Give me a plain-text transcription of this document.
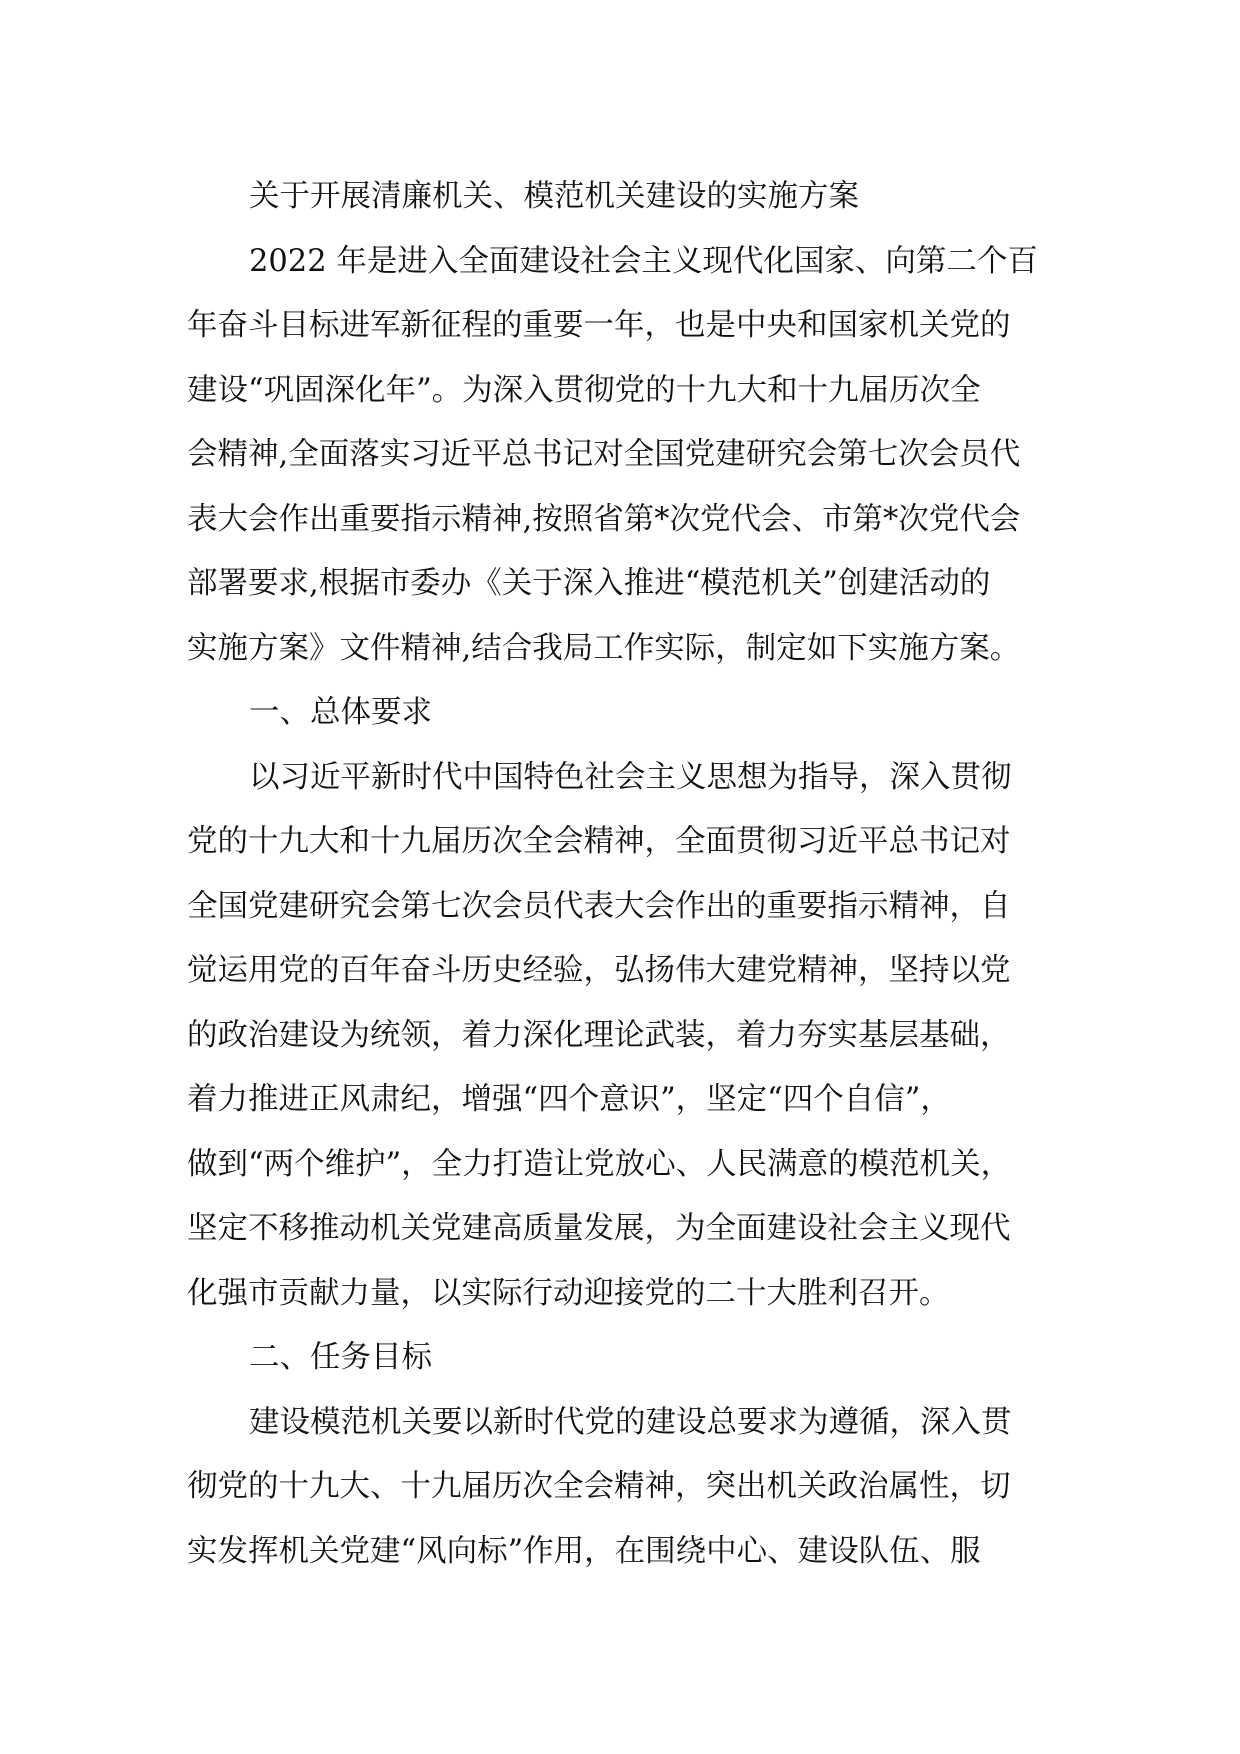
关于开展清廉机关、模范机关建设的实施方案
2022 年是进入全面建设社会主义现代化国家、向第二个百
年奋斗目标进军新征程的重要一年，也是中央和国家机关党的
建设“巩固深化年”。为深入贯彻党的十九大和十九届历次全
会精神,全面落实习近平总书记对全国党建研究会第七次会员代
表大会作出重要指示精神,按照省第*次党代会、市第*次党代会
部署要求,根据市委办《关于深入推进“模范机关”创建活动的
实施方案》文件精神,结合我局工作实际，制定如下实施方案。
一、总体要求
以习近平新时代中国特色社会主义思想为指导，深入贯彻
党的十九大和十九届历次全会精神，全面贯彻习近平总书记对
全国党建研究会第七次会员代表大会作出的重要指示精神，自
觉运用党的百年奋斗历史经验，弘扬伟大建党精神，坚持以党
的政治建设为统领，着力深化理论武装，着力夯实基层基础，
着力推进正风肃纪，增强“四个意识”，坚定“四个自信”，
做到“两个维护”，全力打造让党放心、人民满意的模范机关，
坚定不移推动机关党建高质量发展，为全面建设社会主义现代
化强市贡献力量，以实际行动迎接党的二十大胜利召开。
二、任务目标
建设模范机关要以新时代党的建设总要求为遵循，深入贯
彻党的十九大、十九届历次全会精神，突出机关政治属性，切
实发挥机关党建“风向标”作用，在围绕中心、建设队伍、服
